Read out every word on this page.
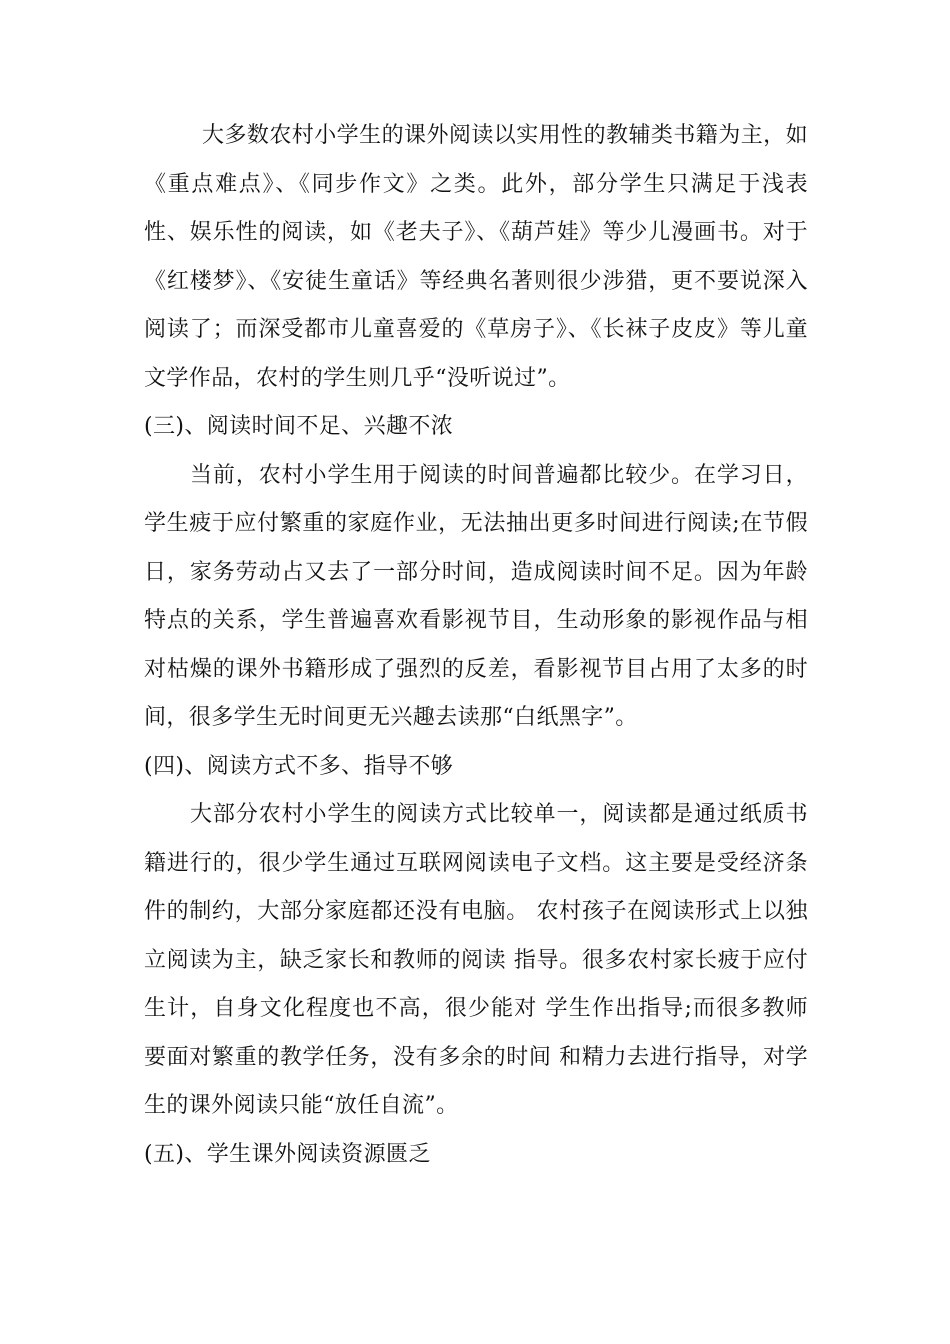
大多数农村小学生的课外阅读以实用性的教辅类书籍为主，如《重点难点》、《同步作文》之类。此外，部分学生只满足于浅表性、娱乐性的阅读，如《老夫子》、《葫芦娃》等少儿漫画书。对于《红楼梦》、《安徒生童话》等经典名著则很少涉猎，更不要说深入阅读了；而深受都市儿童喜爱的《草房子》、《长袜子皮皮》等儿童文学作品，农村的学生则几乎“没听说过”。

(三)、阅读时间不足、兴趣不浓

当前，农村小学生用于阅读的时间普遍都比较少。在学习日，学生疲于应付繁重的家庭作业，无法抽出更多时间进行阅读;在节假日，家务劳动占又去了一部分时间，造成阅读时间不足。因为年龄特点的关系，学生普遍喜欢看影视节目，生动形象的影视作品与相对枯燥的课外书籍形成了强烈的反差，看影视节目占用了太多的时间，很多学生无时间更无兴趣去读那“白纸黑字”。

(四)、阅读方式不多、指导不够

大部分农村小学生的阅读方式比较单一，阅读都是通过纸质书籍进行的，很少学生通过互联网阅读电子文档。这主要是受经济条件的制约，大部分家庭都还没有电脑。 农村孩子在阅读形式上以独立阅读为主，缺乏家长和教师的阅读 指导。很多农村家长疲于应付生计，自身文化程度也不高，很少能对 学生作出指导;而很多教师要面对繁重的教学任务，没有多余的时间 和精力去进行指导，对学生的课外阅读只能“放任自流”。

(五)、学生课外阅读资源匮乏
